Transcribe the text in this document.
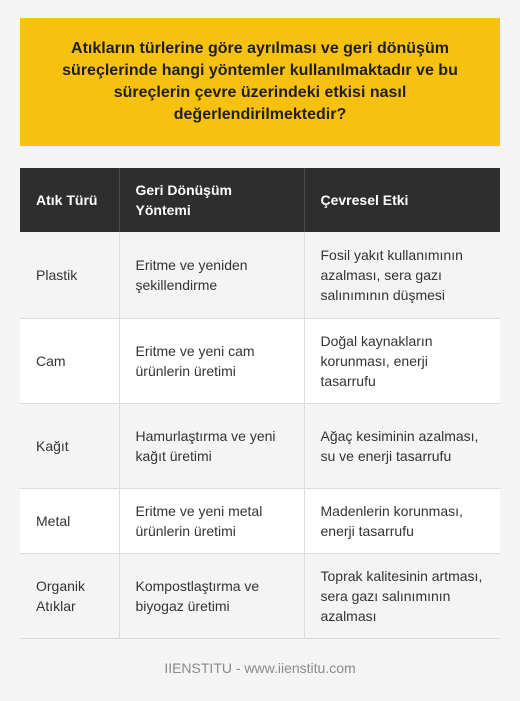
Atıkların türlerine göre ayrılması ve geri dönüşüm süreçlerinde hangi yöntemler kullanılmaktadır ve bu süreçlerin çevre üzerindeki etkisi nasıl değerlendirilmektedir?
Atık Türü	Geri Dönüşüm Yöntemi	Çevresel Etki
Plastik	Eritme ve yeniden şekillendirme	Fosil yakıt kullanımının azalması, sera gazı salınımının düşmesi
Cam	Eritme ve yeni cam ürünlerin üretimi	Doğal kaynakların korunması, enerji tasarrufu
Kağıt	Hamurlaştırma ve yeni kağıt üretimi	Ağaç kesiminin azalması, su ve enerji tasarrufu
Metal	Eritme ve yeni metal ürünlerin üretimi	Madenlerin korunması, enerji tasarrufu
Organik Atıklar	Kompostlaştırma ve biyogaz üretimi	Toprak kalitesinin artması, sera gazı salınımının azalması
IIENSTITU - www.iienstitu.com
